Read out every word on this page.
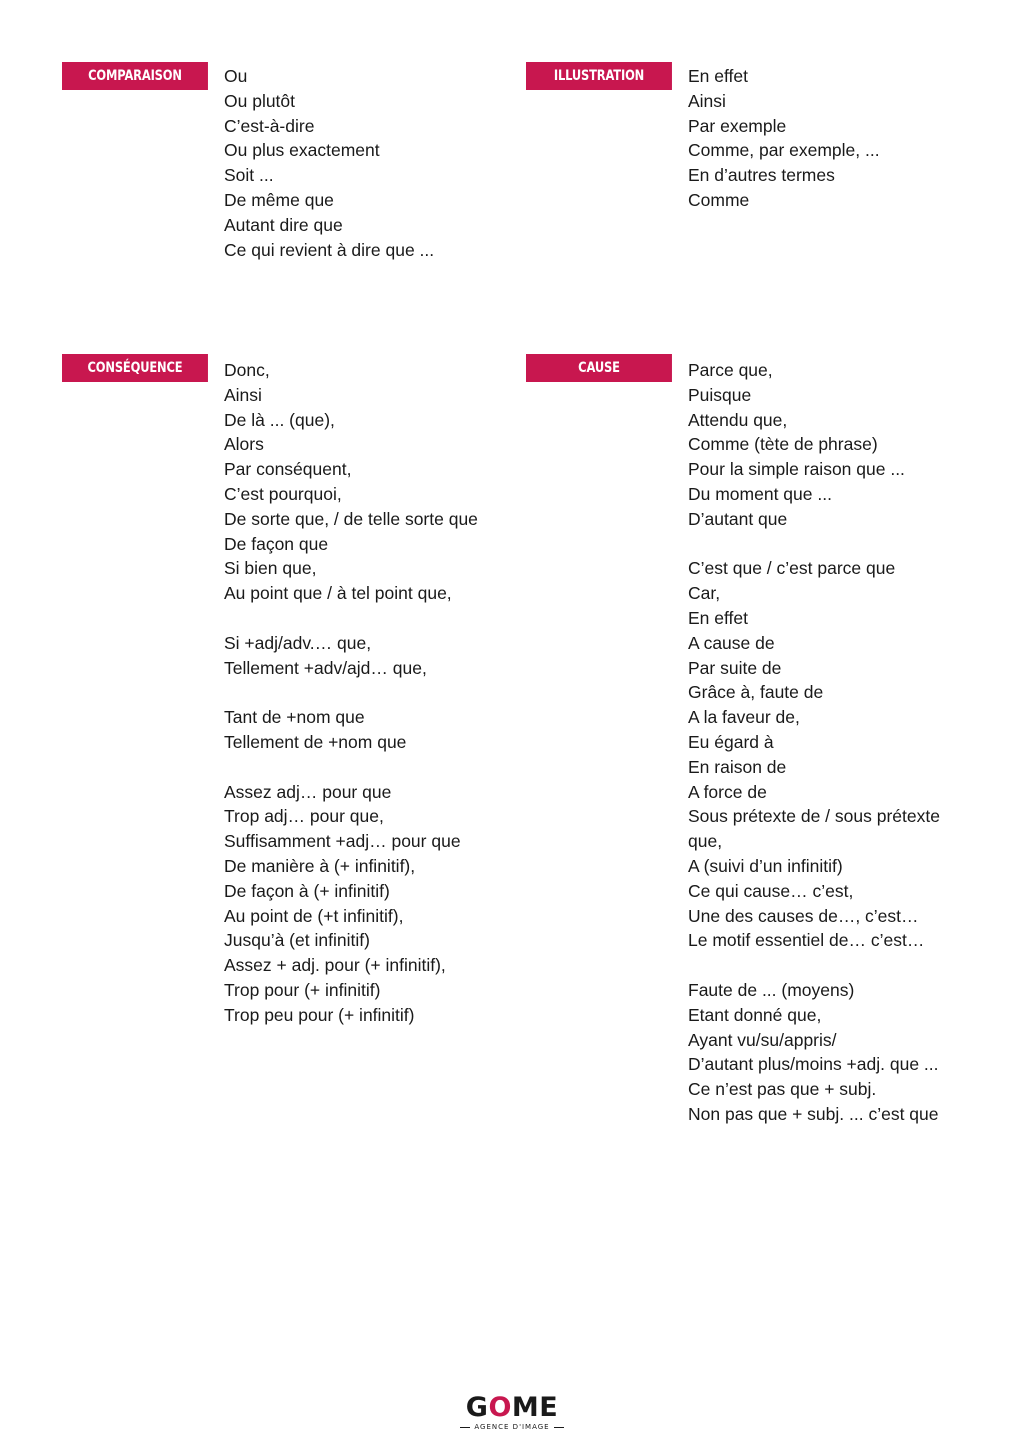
COMPARAISON	Ou
Ou plutôt
C’est-à-dire
Ou plus exactement
Soit ...
De même que
Autant dire que
Ce qui revient à dire que ...
ILLUSTRATION	En effet
Ainsi
Par exemple
Comme, par exemple, ...
En d’autres termes
Comme
CONSÉQUENCE	Donc,
Ainsi
De là ... (que),
Alors
Par conséquent,
C’est pourquoi,
De sorte que, / de telle sorte que
De façon que
Si bien que,
Au point que / à tel point que,
Si +adj/adv.… que,
Tellement +adv/ajd… que,
Tant de +nom que
Tellement de +nom que
Assez adj… pour que
Trop adj… pour que,
Suffisamment +adj… pour que
De manière à (+ infinitif),
De façon à (+ infinitif)
Au point de (+t infinitif),
Jusqu’à (et infinitif)
Assez + adj. pour (+ infinitif),
Trop pour (+ infinitif)
Trop peu pour (+ infinitif)
CAUSE	Parce que,
Puisque
Attendu que,
Comme (tète de phrase)
Pour la simple raison que ...
Du moment que ...
D’autant que
C’est que / c’est parce que
Car,
En effet
A cause de
Par suite de
Grâce à, faute de
A la faveur de,
Eu égard à
En raison de
A force de
Sous prétexte de / sous prétexte
que,
A (suivi d’un infinitif)
Ce qui cause… c’est,
Une des causes de…, c’est…
Le motif essentiel de… c’est…
Faute de ... (moyens)
Etant donné que,
Ayant vu/su/appris/
D’autant plus/moins +adj. que ...
Ce n’est pas que + subj.
Non pas que + subj. ... c’est que
GOME
AGENCE D'IMAGE
